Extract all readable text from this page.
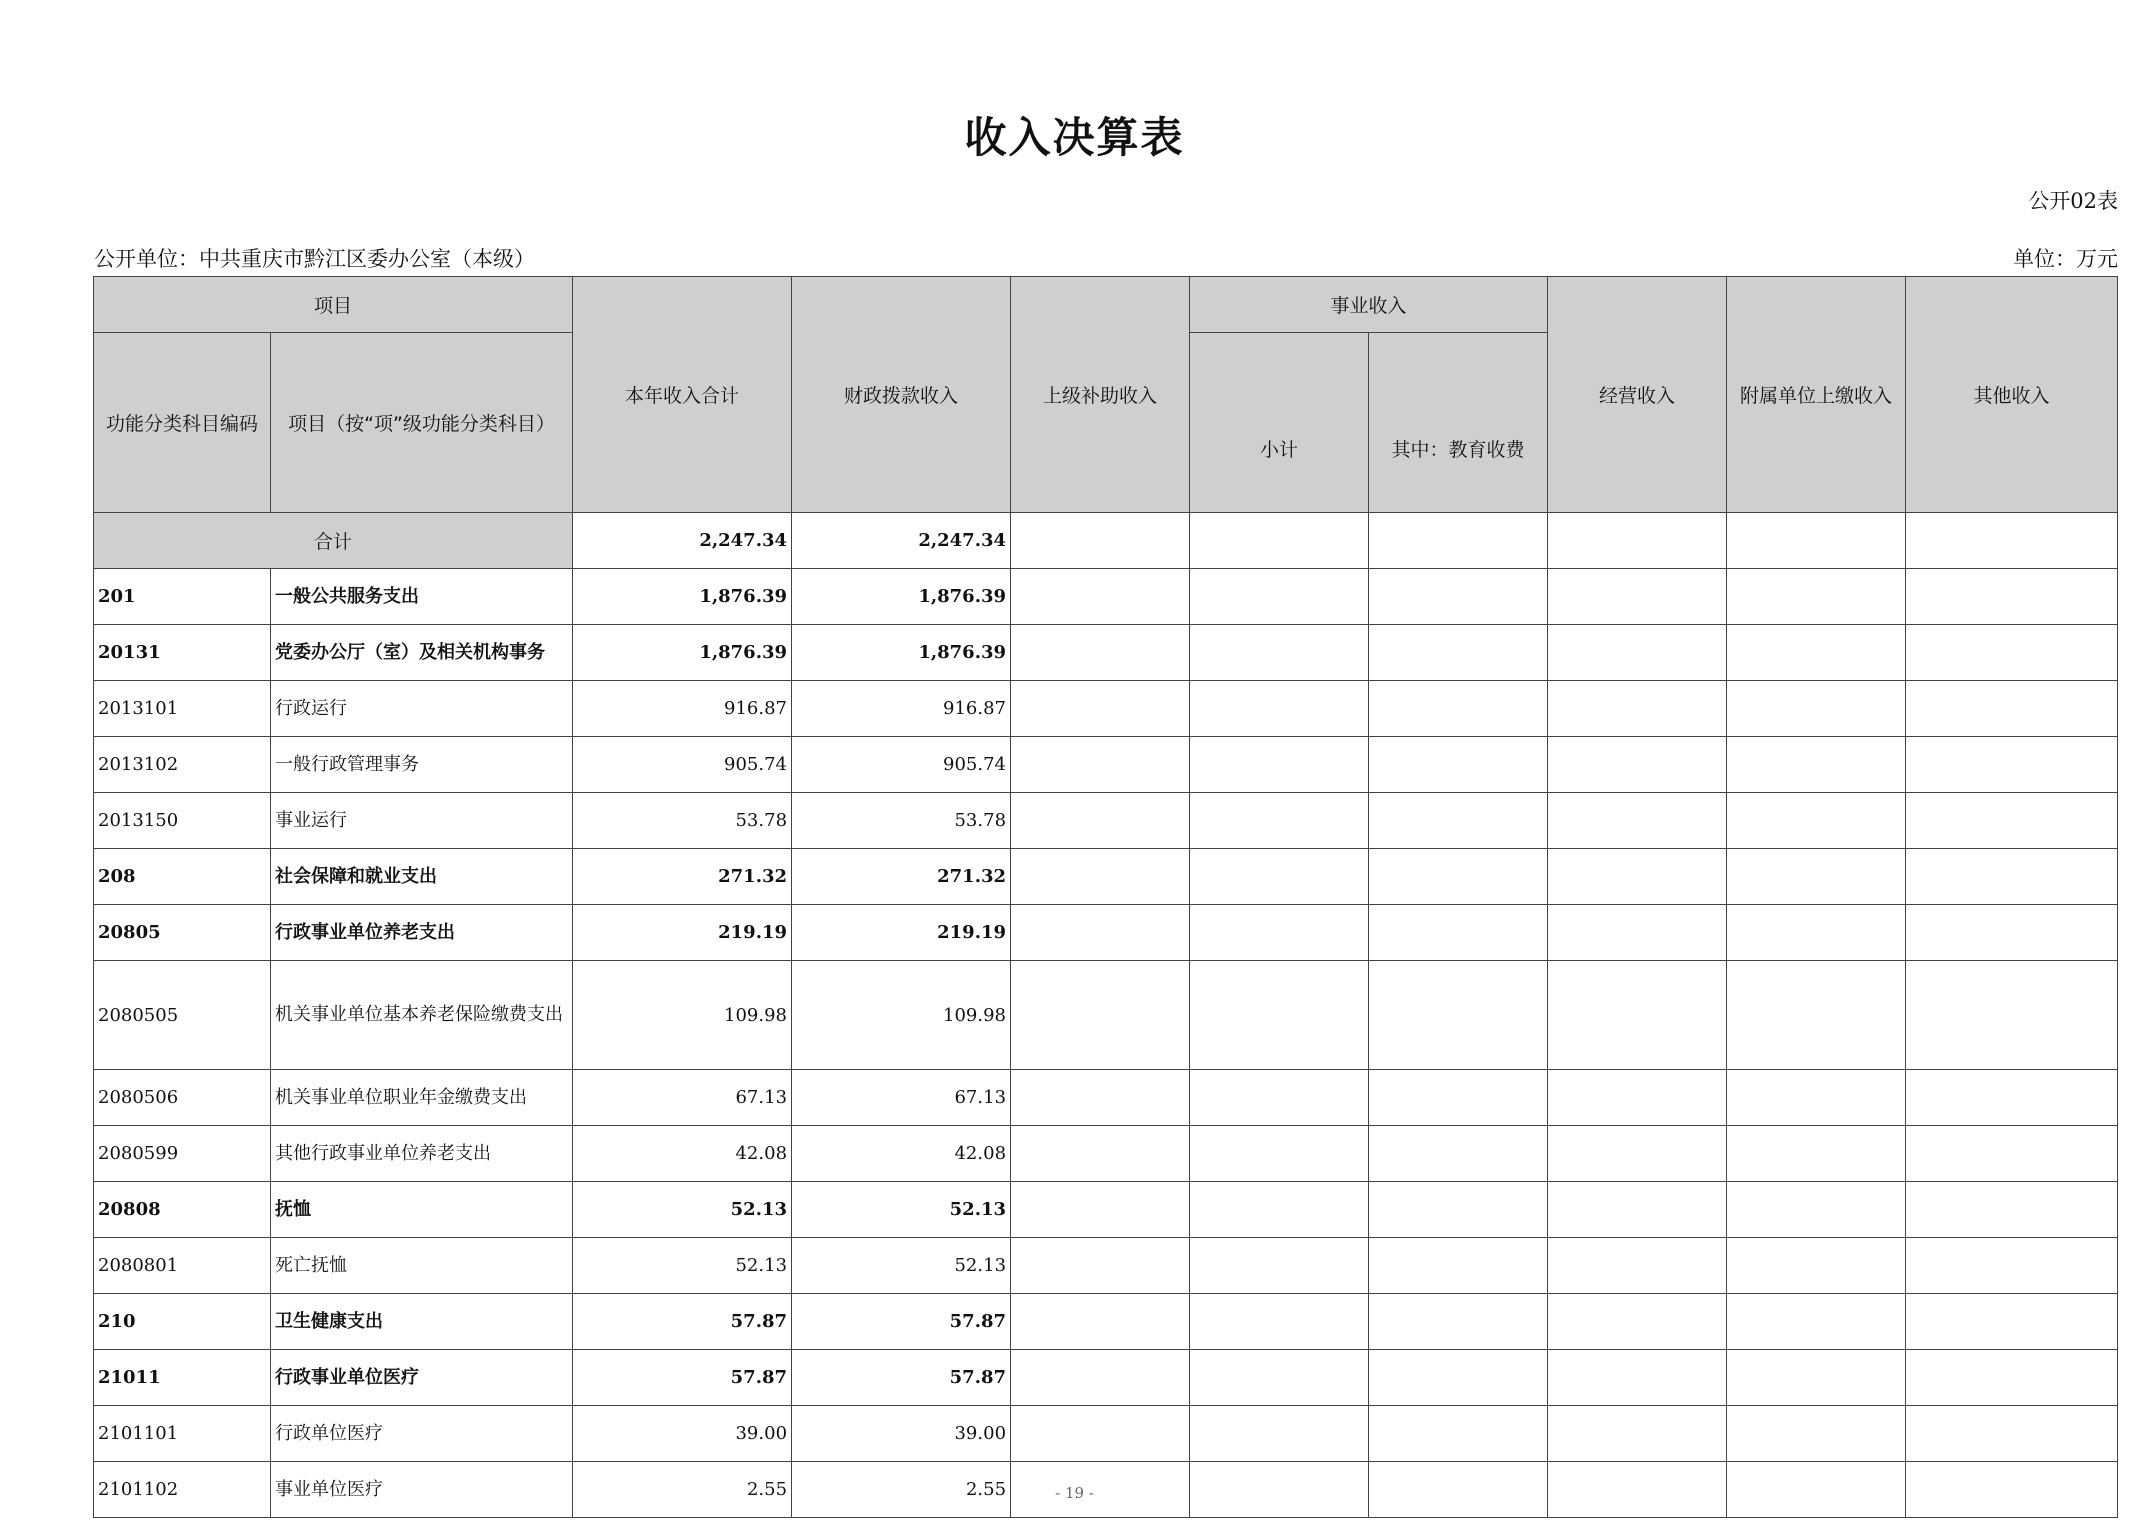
收入决算表
公开02表
公开单位：中共重庆市黔江区委办公室（本级）	单位：万元
项目		本年收入合计	财政拨款收入	上级补助收入	事业收入		经营收入	附属单位上缴收入	其他收入
功能分类科目编码	项目（按“项”级功能分类科目）				小计	其中：教育收费			
合计		2,247.34	2,247.34						
201	一般公共服务支出	1,876.39	1,876.39						
20131	党委办公厅（室）及相关机构事务	1,876.39	1,876.39						
2013101	行政运行	916.87	916.87						
2013102	一般行政管理事务	905.74	905.74						
2013150	事业运行	53.78	53.78						
208	社会保障和就业支出	271.32	271.32						
20805	行政事业单位养老支出	219.19	219.19						
2080505	机关事业单位基本养老保险缴费支出	109.98	109.98						
2080506	机关事业单位职业年金缴费支出	67.13	67.13						
2080599	其他行政事业单位养老支出	42.08	42.08						
20808	抚恤	52.13	52.13						
2080801	死亡抚恤	52.13	52.13						
210	卫生健康支出	57.87	57.87						
21011	行政事业单位医疗	57.87	57.87						
2101101	行政单位医疗	39.00	39.00						
2101102	事业单位医疗	2.55	2.55							- 19 -
